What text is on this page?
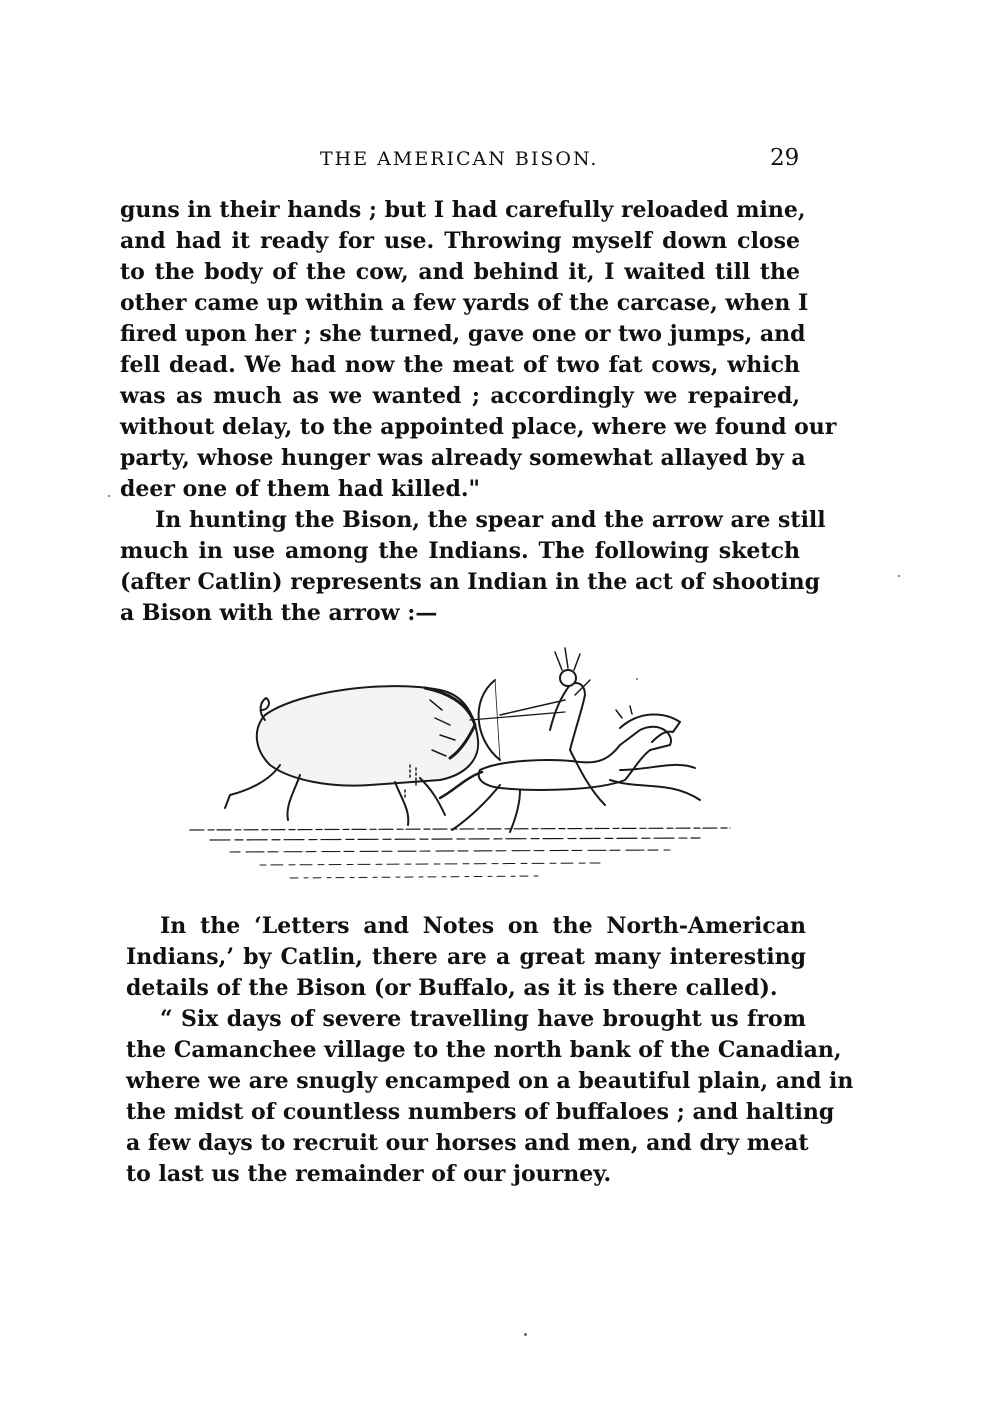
THE AMERICAN BISON.	29
guns in their hands ; but I had carefully reloaded mine,
and had it ready for use. Throwing myself down close
to the body of the cow, and behind it, I waited till the
other came up within a few yards of the carcase, when I
fired upon her ; she turned, gave one or two jumps, and
fell dead. We had now the meat of two fat cows, which
was as much as we wanted ; accordingly we repaired,
without delay, to the appointed place, where we found our
party, whose hunger was already somewhat allayed by a
deer one of them had killed."
In hunting the Bison, the spear and the arrow are still
much in use among the Indians. The following sketch
(after Catlin) represents an Indian in the act of shooting
a Bison with the arrow :—
In the ‘Letters and Notes on the North-American
Indians,’ by Catlin, there are a great many interesting
details of the Bison (or Buffalo, as it is there called).
“ Six days of severe travelling have brought us from
the Camanchee village to the north bank of the Canadian,
where we are snugly encamped on a beautiful plain, and in
the midst of countless numbers of buffaloes ; and halting
a few days to recruit our horses and men, and dry meat
to last us the remainder of our journey.
